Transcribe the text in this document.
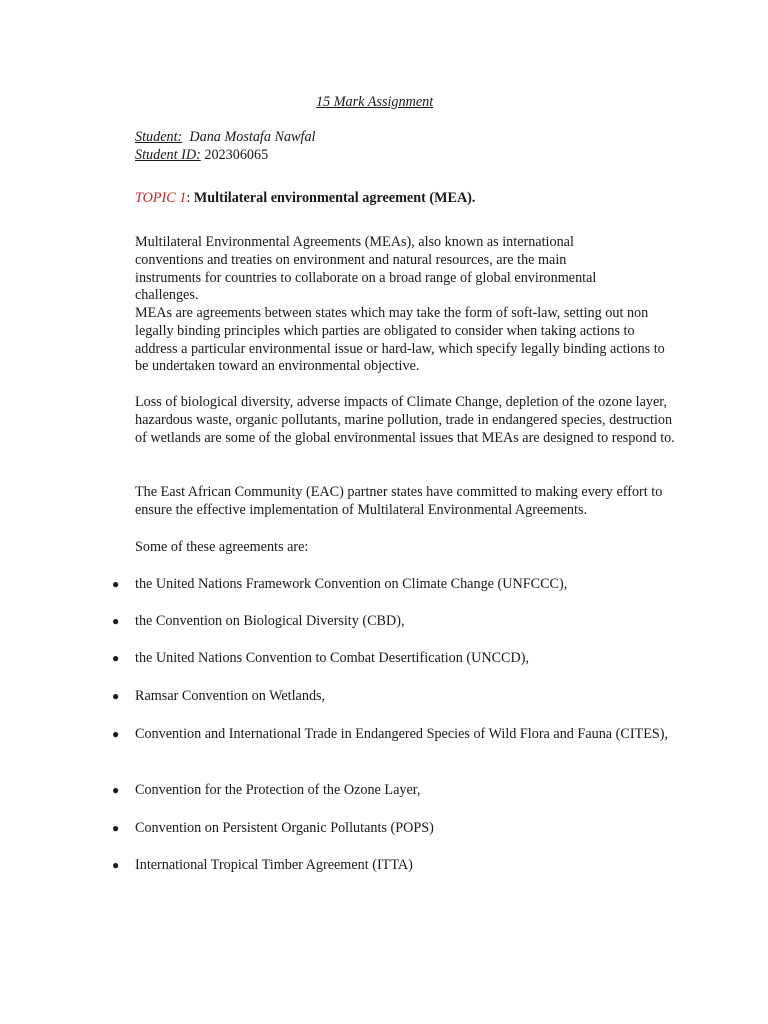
15 Mark Assignment
Student: Dana Mostafa Nawfal
Student ID: 202306065
TOPIC 1: Multilateral environmental agreement (MEA).

Multilateral Environmental Agreements (MEAs), also known as international conventions and treaties on environment and natural resources, are the main instruments for countries to collaborate on a broad range of global environmental challenges.

MEAs are agreements between states which may take the form of soft-law, setting out non legally binding principles which parties are obligated to consider when taking actions to address a particular environmental issue or hard-law, which specify legally binding actions to be undertaken toward an environmental objective.

Loss of biological diversity, adverse impacts of Climate Change, depletion of the ozone layer, hazardous waste, organic pollutants, marine pollution, trade in endangered species, destruction of wetlands are some of the global environmental issues that MEAs are designed to respond to.

The East African Community (EAC) partner states have committed to making every effort to ensure the effective implementation of Multilateral Environmental Agreements.

Some of these agreements are:

● the United Nations Framework Convention on Climate Change (UNFCCC),
● the Convention on Biological Diversity (CBD),
● the United Nations Convention to Combat Desertification (UNCCD),
● Ramsar Convention on Wetlands,
● Convention and International Trade in Endangered Species of Wild Flora and Fauna (CITES),
● Convention for the Protection of the Ozone Layer,
● Convention on Persistent Organic Pollutants (POPS)
● International Tropical Timber Agreement (ITTA)
